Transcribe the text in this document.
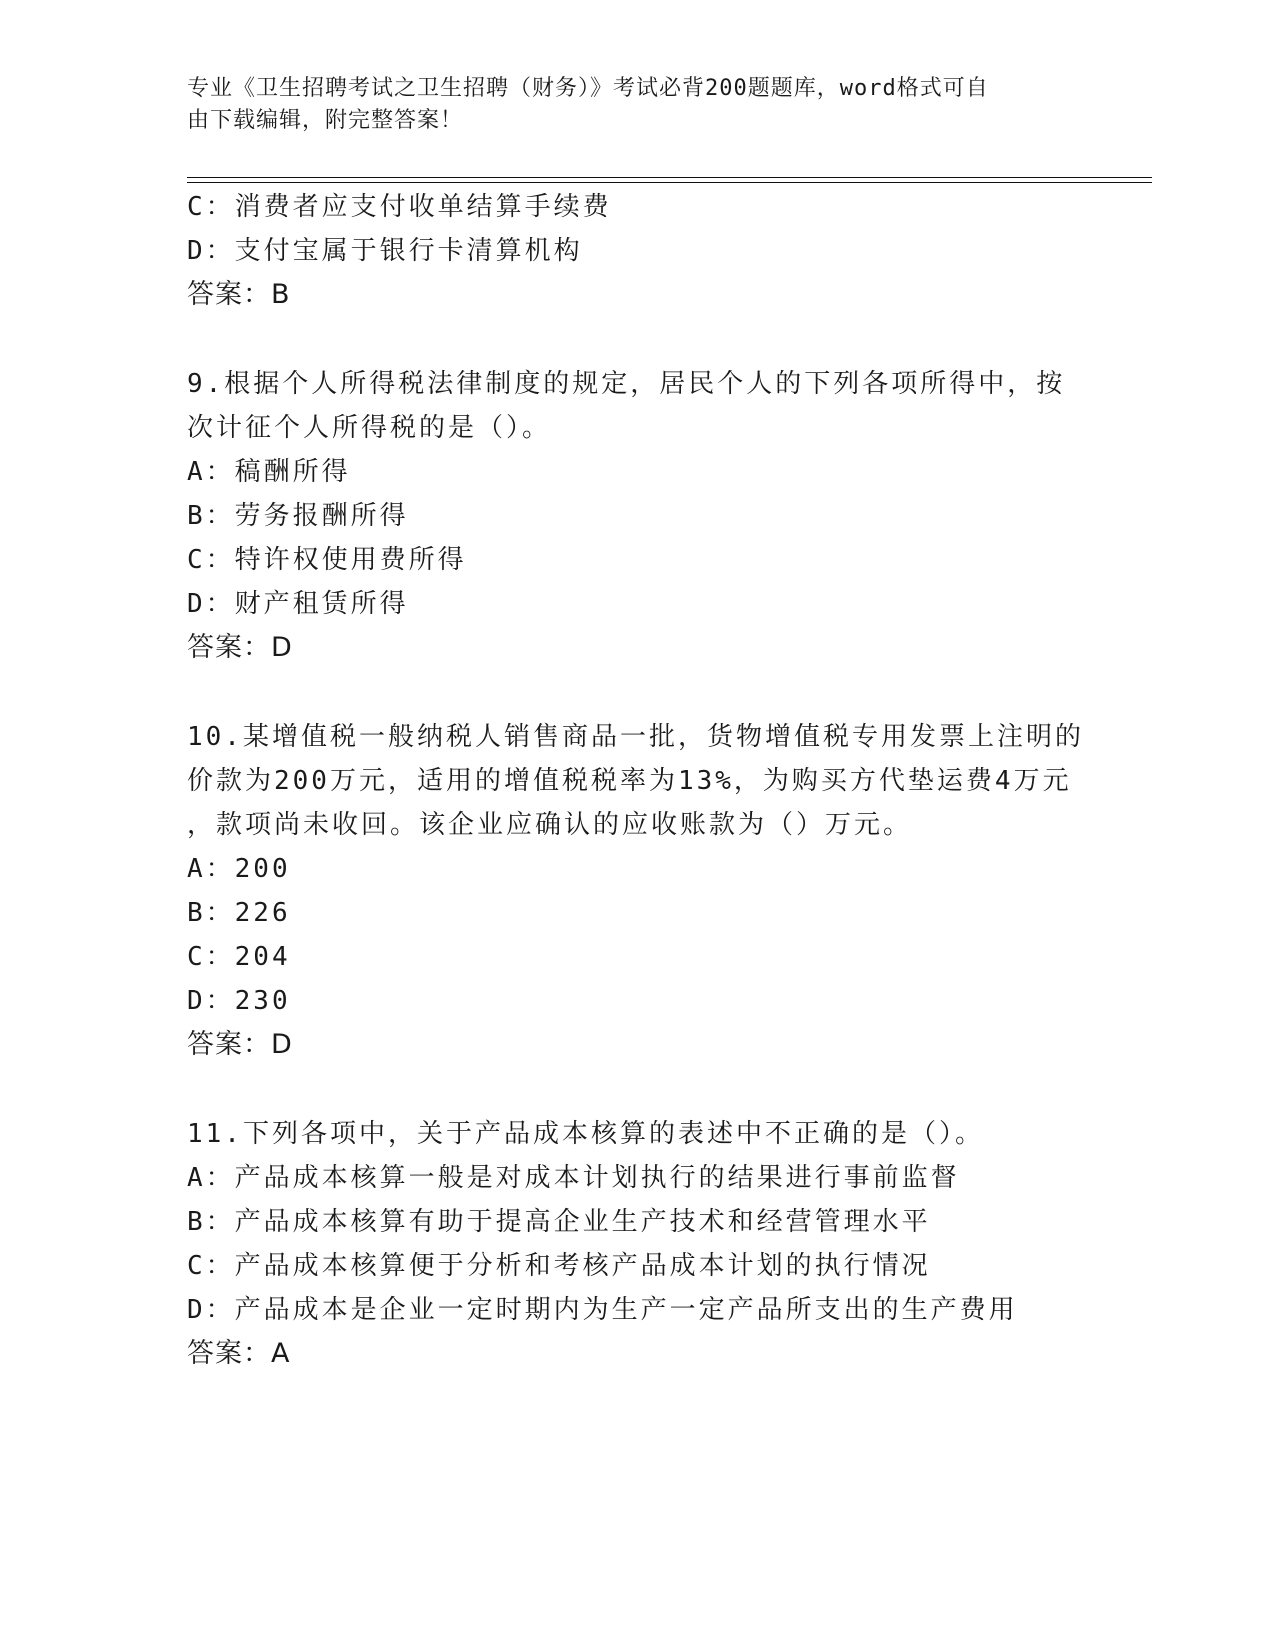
专业《卫生招聘考试之卫生招聘（财务）》考试必背200题题库，word格式可自
由下载编辑，附完整答案！
C：消费者应支付收单结算手续费
D：支付宝属于银行卡清算机构
答案：B
9.根据个人所得税法律制度的规定，居民个人的下列各项所得中，按
次计征个人所得税的是（）。
A：稿酬所得
B：劳务报酬所得
C：特许权使用费所得
D：财产租赁所得
答案：D
10.某增值税一般纳税人销售商品一批，货物增值税专用发票上注明的
价款为200万元，适用的增值税税率为13%，为购买方代垫运费4万元
，款项尚未收回。该企业应确认的应收账款为（）万元。
A：200
B：226
C：204
D：230
答案：D
11.下列各项中，关于产品成本核算的表述中不正确的是（）。
A：产品成本核算一般是对成本计划执行的结果进行事前监督
B：产品成本核算有助于提高企业生产技术和经营管理水平
C：产品成本核算便于分析和考核产品成本计划的执行情况
D：产品成本是企业一定时期内为生产一定产品所支出的生产费用
答案：A
